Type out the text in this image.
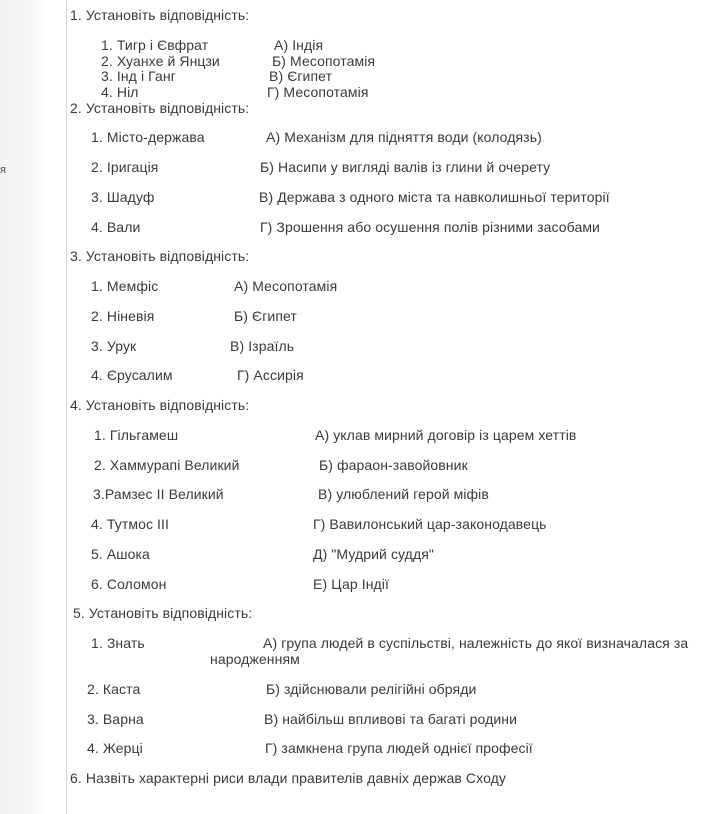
я
1. Установіть відповідність:
1. Тигр і Євфрат
2. Хуанхе й Янцзи
3. Інд і Ганг
4. Ніл
А) Індія
Б) Месопотамія
В) Єгипет
Г) Месопотамія
2. Установіть відповідність:
1. Місто-держава
2. Іригація
3. Шадуф
4. Вали
А) Механізм для підняття води (колодязь)
Б) Насипи у вигляді валів із глини й очерету
В) Держава з одного міста та навколишньої території
Г) Зрошення або осушення полів різними засобами
3. Установіть відповідність:
1. Мемфіс
2. Ніневія
3. Урук
4. Єрусалим
А) Месопотамія
Б) Єгипет
В) Ізраїль
Г) Ассирія
4. Установіть відповідність:
1. Гільгамеш
2. Хаммурапі Великий
3.Рамзес ІІ Великий
4. Тутмос ІІІ
5. Ашока
6. Соломон
А) уклав мирний договір із царем хеттів
Б) фараон-завойовник
В) улюблений герой міфів
Г) Вавилонський цар-законодавець
Д) "Мудрий суддя"
Е) Цар Індії
5. Установіть відповідність:
1. Знать
2. Каста
3. Варна
4. Жерці
А) група людей в суспільстві, належність до якої визначалася за
народженням
Б) здійснювали релігійні обряди
В) найбільш впливові та багаті родини
Г) замкнена група людей однієї професії
6. Назвіть характерні риси влади правителів давніх держав Сходу
